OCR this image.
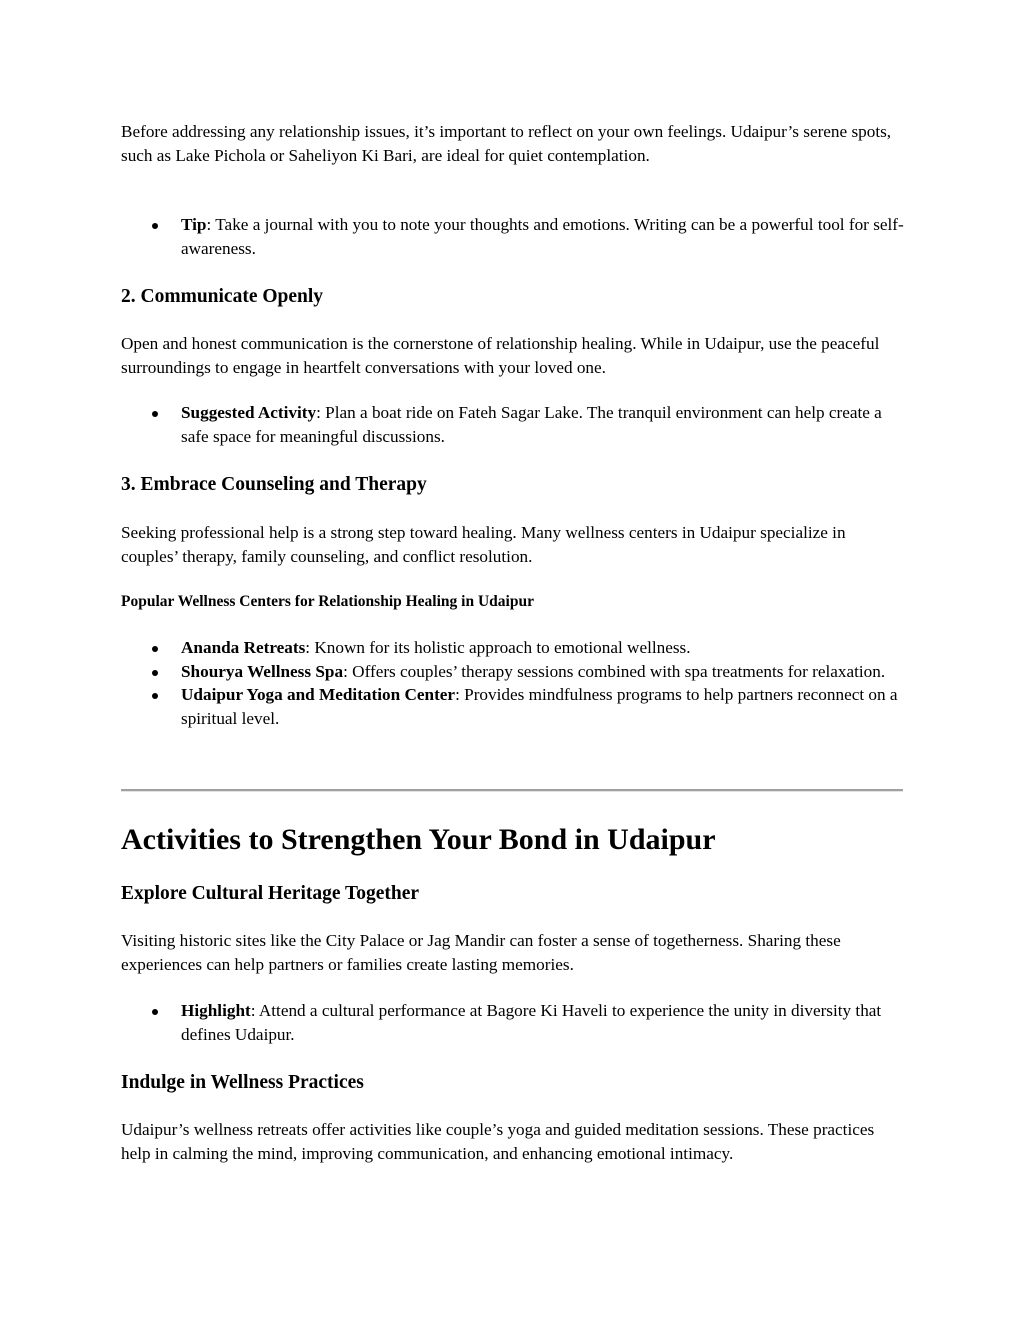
Before addressing any relationship issues, it’s important to reflect on your own feelings. Udaipur’s serene spots, such as Lake Pichola or Saheliyon Ki Bari, are ideal for quiet contemplation.

Tip: Take a journal with you to note your thoughts and emotions. Writing can be a powerful tool for self-awareness.
2. Communicate Openly

Open and honest communication is the cornerstone of relationship healing. While in Udaipur, use the peaceful surroundings to engage in heartfelt conversations with your loved one.

Suggested Activity: Plan a boat ride on Fateh Sagar Lake. The tranquil environment can help create a safe space for meaningful discussions.
3. Embrace Counseling and Therapy

Seeking professional help is a strong step toward healing. Many wellness centers in Udaipur specialize in couples’ therapy, family counseling, and conflict resolution.

Popular Wellness Centers for Relationship Healing in Udaipur
Ananda Retreats: Known for its holistic approach to emotional wellness.
Shourya Wellness Spa: Offers couples’ therapy sessions combined with spa treatments for relaxation.
Udaipur Yoga and Meditation Center: Provides mindfulness programs to help partners reconnect on a spiritual level.
Activities to Strengthen Your Bond in Udaipur
Explore Cultural Heritage Together

Visiting historic sites like the City Palace or Jag Mandir can foster a sense of togetherness. Sharing these experiences can help partners or families create lasting memories.

Highlight: Attend a cultural performance at Bagore Ki Haveli to experience the unity in diversity that defines Udaipur.
Indulge in Wellness Practices

Udaipur’s wellness retreats offer activities like couple’s yoga and guided meditation sessions. These practices help in calming the mind, improving communication, and enhancing emotional intimacy.
